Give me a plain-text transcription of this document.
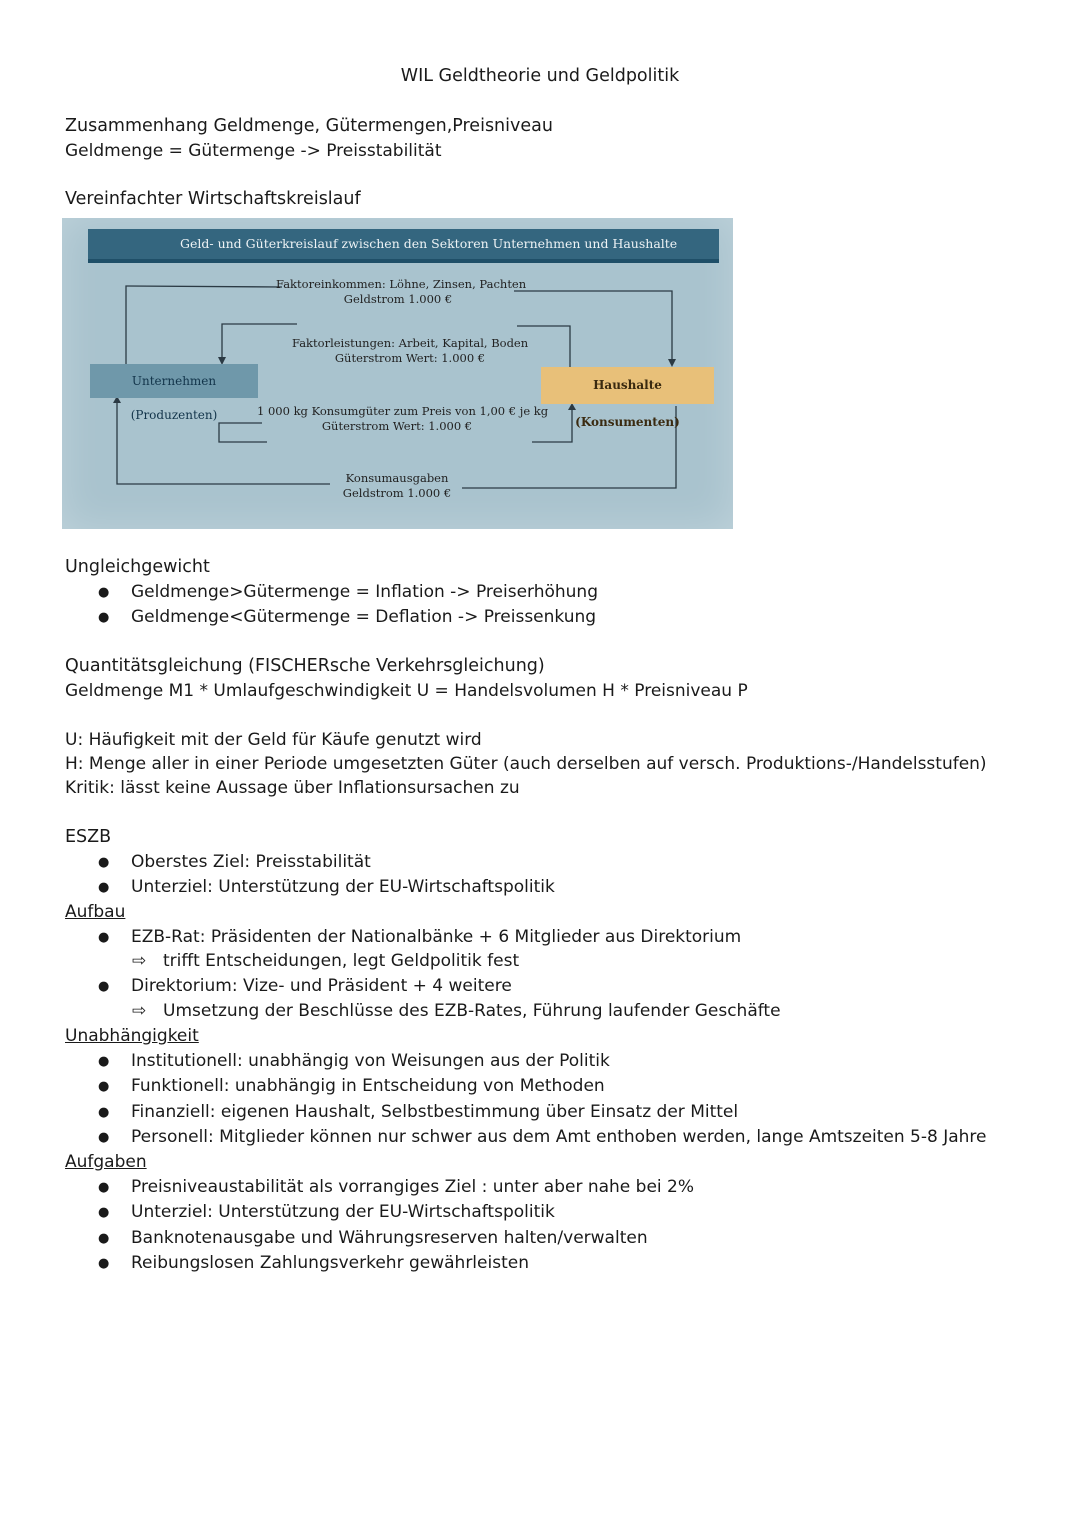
WIL Geldtheorie und Geldpolitik
Zusammenhang Geldmenge, Gütermengen,Preisniveau
Geldmenge = Gütermenge -> Preisstabilität
Vereinfachter Wirtschaftskreislauf
Geld- und Güterkreislauf zwischen den Sektoren Unternehmen und Haushalte
Faktoreinkommen: Löhne, Zinsen, Pachten
Geldstrom 1.000 €
Faktorleistungen: Arbeit, Kapital, Boden
Güterstrom Wert: 1.000 €
Unternehmen (Produzenten)
Haushalte (Konsumenten)
1 000 kg Konsumgüter zum Preis von 1,00 € je kg
Güterstrom Wert: 1.000 €
Konsumausgaben
Geldstrom 1.000 €
Ungleichgewicht
● Geldmenge>Gütermenge = Inflation -> Preiserhöhung
● Geldmenge<Gütermenge = Deflation -> Preissenkung
Quantitätsgleichung (FISCHERsche Verkehrsgleichung)
Geldmenge M1 * Umlaufgeschwindigkeit U = Handelsvolumen H * Preisniveau P
U: Häufigkeit mit der Geld für Käufe genutzt wird
H: Menge aller in einer Periode umgesetzten Güter (auch derselben auf versch. Produktions-/Handelsstufen)
Kritik: lässt keine Aussage über Inflationsursachen zu
ESZB
● Oberstes Ziel: Preisstabilität
● Unterziel: Unterstützung der EU-Wirtschaftspolitik
Aufbau
● EZB-Rat: Präsidenten der Nationalbänke + 6 Mitglieder aus Direktorium
⇨ trifft Entscheidungen, legt Geldpolitik fest
● Direktorium: Vize- und Präsident + 4 weitere
⇨ Umsetzung der Beschlüsse des EZB-Rates, Führung laufender Geschäfte
Unabhängigkeit
● Institutionell: unabhängig von Weisungen aus der Politik
● Funktionell: unabhängig in Entscheidung von Methoden
● Finanziell: eigenen Haushalt, Selbstbestimmung über Einsatz der Mittel
● Personell: Mitglieder können nur schwer aus dem Amt enthoben werden, lange Amtszeiten 5-8 Jahre
Aufgaben
● Preisniveaustabilität als vorrangiges Ziel : unter aber nahe bei 2%
● Unterziel: Unterstützung der EU-Wirtschaftspolitik
● Banknotenausgabe und Währungsreserven halten/verwalten
● Reibungslosen Zahlungsverkehr gewährleisten
